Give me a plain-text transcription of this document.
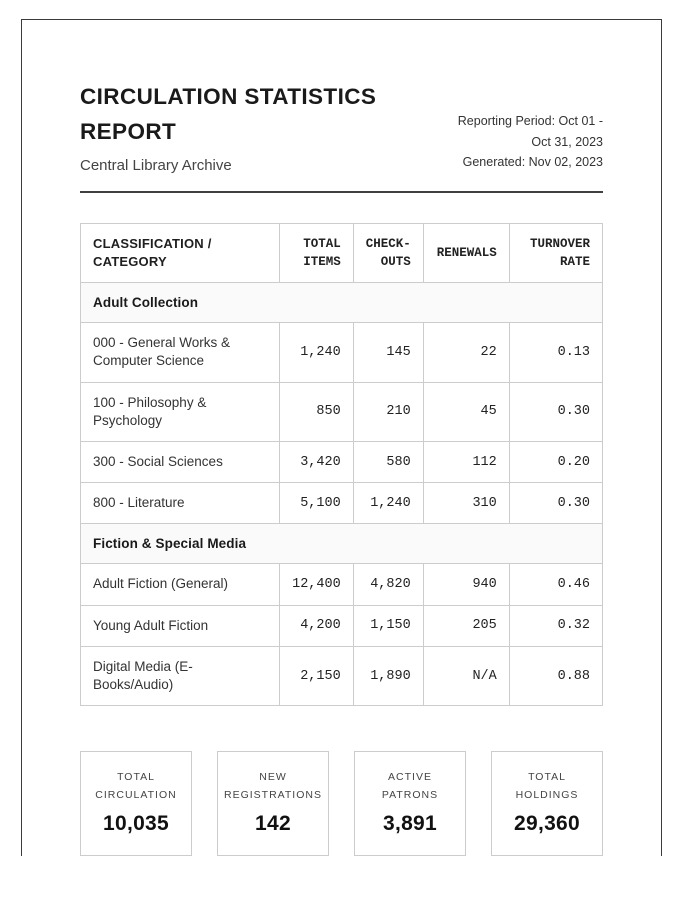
CIRCULATION STATISTICS REPORT
Central Library Archive
Reporting Period: Oct 01 -
Oct 31, 2023
Generated: Nov 02, 2023
CLASSIFICATION / CATEGORY	TOTAL ITEMS	CHECK-OUTS	RENEWALS	TURNOVER RATE
Adult Collection				
000 - General Works & Computer Science	1,240	145	22	0.13
100 - Philosophy & Psychology	850	210	45	0.30
300 - Social Sciences	3,420	580	112	0.20
800 - Literature	5,100	1,240	310	0.30
Fiction & Special Media				
Adult Fiction (General)	12,400	4,820	940	0.46
Young Adult Fiction	4,200	1,150	205	0.32
Digital Media (E-Books/Audio)	2,150	1,890	N/A	0.88
TOTAL CIRCULATION
10,035
NEW REGISTRATIONS
142
ACTIVE PATRONS
3,891
TOTAL HOLDINGS
29,360
